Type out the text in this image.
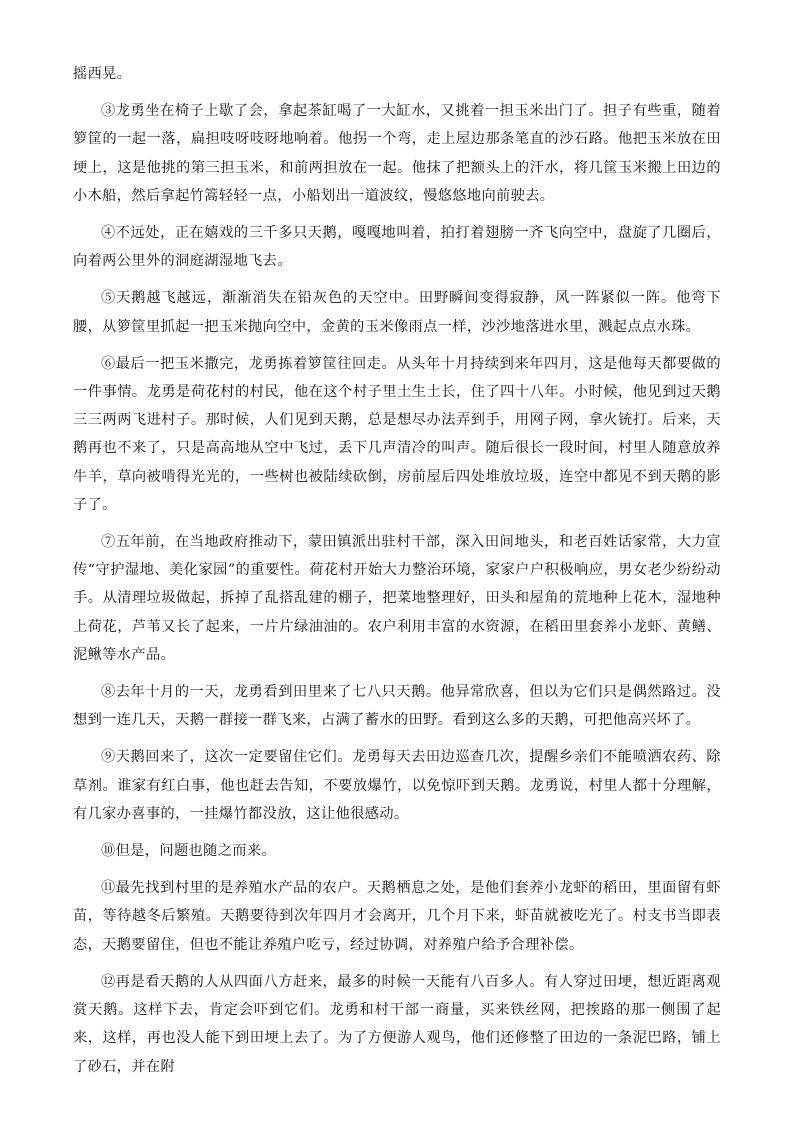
摇西晃。

③龙勇坐在椅子上歇了会，拿起茶缸喝了一大缸水，又挑着一担玉米出门了。担子有些重，随着箩筐的一起一落，扁担吱呀吱呀地响着。他拐一个弯，走上屋边那条笔直的沙石路。他把玉米放在田埂上，这是他挑的第三担玉米，和前两担放在一起。他抹了把额头上的汗水，将几筐玉米搬上田边的小木船，然后拿起竹篙轻轻一点，小船划出一道波纹，慢悠悠地向前驶去。

④不远处，正在嬉戏的三千多只天鹅，嘎嘎地叫着，拍打着翅膀一齐飞向空中，盘旋了几圈后，向着两公里外的洞庭湖湿地飞去。

⑤天鹅越飞越远，渐渐消失在铅灰色的天空中。田野瞬间变得寂静，风一阵紧似一阵。他弯下腰，从箩筐里抓起一把玉米抛向空中，金黄的玉米像雨点一样，沙沙地落进水里，溅起点点水珠。

⑥最后一把玉米撒完，龙勇拣着箩筐往回走。从头年十月持续到来年四月，这是他每天都要做的一件事情。龙勇是荷花村的村民，他在这个村子里土生土长，住了四十八年。小时候，他见到过天鹅三三两两飞进村子。那时候，人们见到天鹅，总是想尽办法弄到手，用网子网，拿火铳打。后来，天鹅再也不来了，只是高高地从空中飞过，丢下几声清冷的叫声。随后很长一段时间，村里人随意放养牛羊，草向被啃得光光的，一些树也被陆续砍倒，房前屋后四处堆放垃圾，连空中都见不到天鹅的影子了。

⑦五年前，在当地政府推动下，蒙田镇派出驻村干部，深入田间地头，和老百姓话家常，大力宣传“守护湿地、美化家园”的重要性。荷花村开始大力整治环境，家家户户积极响应，男女老少纷纷动手。从清理垃圾做起，拆掉了乱搭乱建的棚子，把菜地整理好，田头和屋角的荒地种上花木，湿地种上荷花，芦苇又长了起来，一片片绿油油的。农户利用丰富的水资源，在稻田里套养小龙虾、黄鳝、泥鳅等水产品。

⑧去年十月的一天，龙勇看到田里来了七八只天鹅。他异常欣喜，但以为它们只是偶然路过。没想到一连几天，天鹅一群接一群飞来，占满了蓄水的田野。看到这么多的天鹅，可把他高兴坏了。

⑨天鹅回来了，这次一定要留住它们。龙勇每天去田边巡查几次，提醒乡亲们不能喷洒农药、除草剂。谁家有红白事，他也赶去告知，不要放爆竹，以免惊吓到天鹅。龙勇说，村里人都十分理解，有几家办喜事的，一挂爆竹都没放，这让他很感动。

⑩但是，问题也随之而来。

⑪最先找到村里的是养殖水产品的农户。天鹅栖息之处，是他们套养小龙虾的稻田，里面留有虾苗，等待越冬后繁殖。天鹅要待到次年四月才会离开，几个月下来，虾苗就被吃光了。村支书当即表态，天鹅要留住，但也不能让养殖户吃亏，经过协调，对养殖户给予合理补偿。

⑫再是看天鹅的人从四面八方赶来，最多的时候一天能有八百多人。有人穿过田埂，想近距离观赏天鹅。这样下去，肯定会吓到它们。龙勇和村干部一商量，买来铁丝网，把挨路的那一侧围了起来，这样，再也没人能下到田埂上去了。为了方便游人观鸟，他们还修整了田边的一条泥巴路，铺上了砂石，并在附
